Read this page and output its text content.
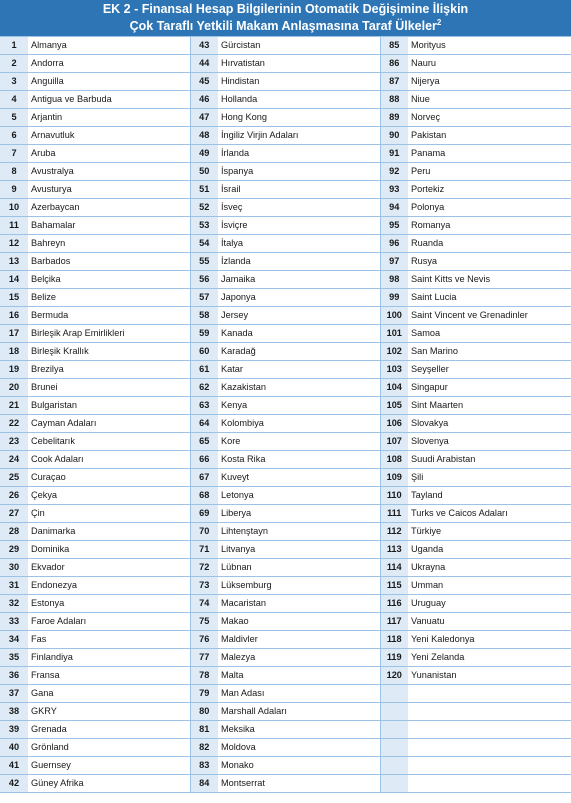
EK 2 - Finansal Hesap Bilgilerinin Otomatik Değişimine İlişkin
Çok Taraflı Yetkili Makam Anlaşmasına Taraf Ülkeler$^2$
1	Almanya	43	Gürcistan	85	Morityus
2	Andorra	44	Hırvatistan	86	Nauru
3	Anguilla	45	Hindistan	87	Nijerya
4	Antigua ve Barbuda	46	Hollanda	88	Niue
5	Arjantin	47	Hong Kong	89	Norveç
6	Arnavutluk	48	İngiliz Virjin Adaları	90	Pakistan
7	Aruba	49	İrlanda	91	Panama
8	Avustralya	50	İspanya	92	Peru
9	Avusturya	51	İsrail	93	Portekiz
10	Azerbaycan	52	İsveç	94	Polonya
11	Bahamalar	53	İsviçre	95	Romanya
12	Bahreyn	54	İtalya	96	Ruanda
13	Barbados	55	İzlanda	97	Rusya
14	Belçika	56	Jamaika	98	Saint Kitts ve Nevis
15	Belize	57	Japonya	99	Saint Lucia
16	Bermuda	58	Jersey	100	Saint Vincent ve Grenadinler
17	Birleşik Arap Emirlikleri	59	Kanada	101	Samoa
18	Birleşik Krallık	60	Karadağ	102	San Marino
19	Brezilya	61	Katar	103	Seyşeller
20	Brunei	62	Kazakistan	104	Singapur
21	Bulgaristan	63	Kenya	105	Sint Maarten
22	Cayman Adaları	64	Kolombiya	106	Slovakya
23	Cebelitarık	65	Kore	107	Slovenya
24	Cook Adaları	66	Kosta Rika	108	Suudi Arabistan
25	Curaçao	67	Kuveyt	109	Şili
26	Çekya	68	Letonya	110	Tayland
27	Çin	69	Liberya	111	Turks ve Caicos Adaları
28	Danimarka	70	Lihtenştayn	112	Türkiye
29	Dominika	71	Litvanya	113	Uganda
30	Ekvador	72	Lübnan	114	Ukrayna
31	Endonezya	73	Lüksemburg	115	Umman
32	Estonya	74	Macaristan	116	Uruguay
33	Faroe Adaları	75	Makao	117	Vanuatu
34	Fas	76	Maldivler	118	Yeni Kaledonya
35	Finlandiya	77	Malezya	119	Yeni Zelanda
36	Fransa	78	Malta	120	Yunanistan
37	Gana	79	Man Adası		
38	GKRY	80	Marshall Adaları		
39	Grenada	81	Meksika		
40	Grönland	82	Moldova		
41	Guernsey	83	Monako		
42	Güney Afrika	84	Montserrat		
